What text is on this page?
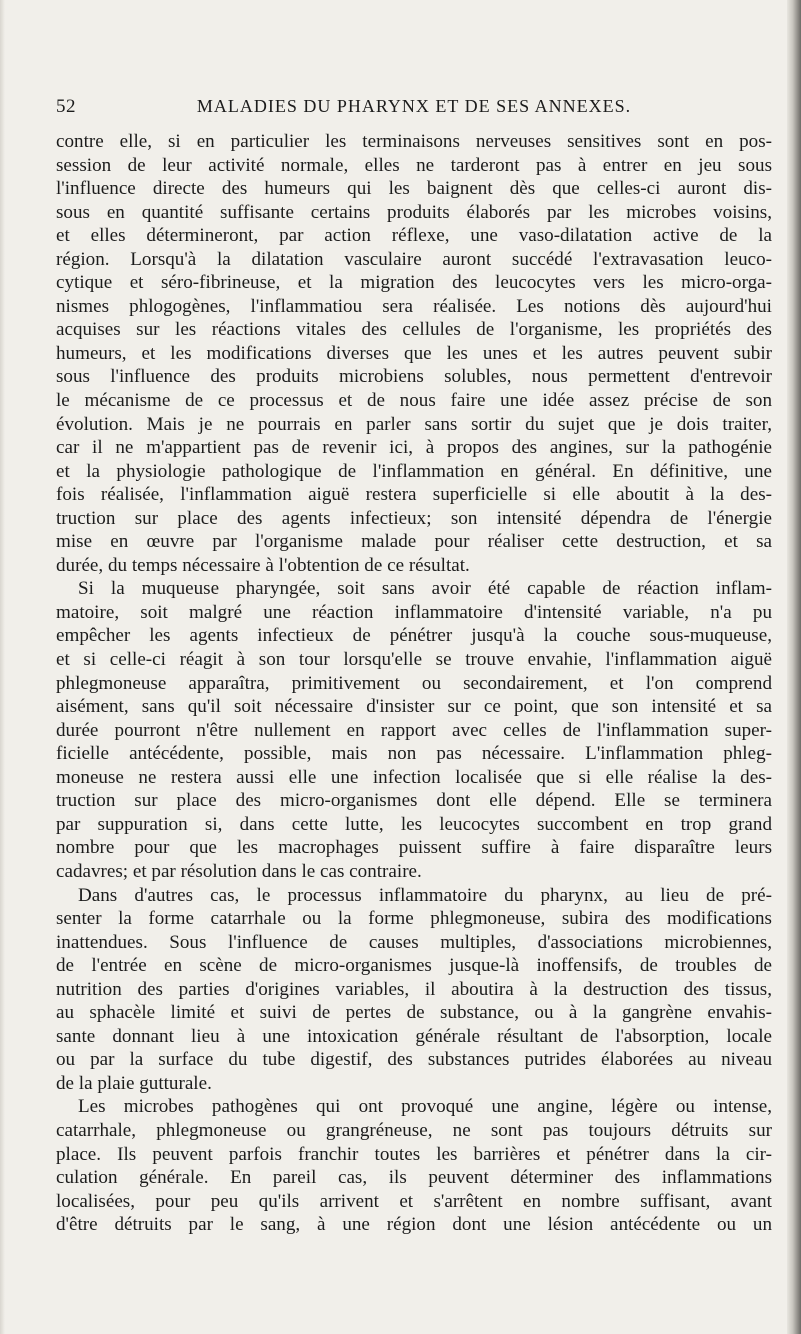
52	MALADIES DU PHARYNX ET DE SES ANNEXES.
contre elle, si en particulier les terminaisons nerveuses sensitives sont en pos-
session de leur activité normale, elles ne tarderont pas à entrer en jeu sous
l'influence directe des humeurs qui les baignent dès que celles-ci auront dis-
sous en quantité suffisante certains produits élaborés par les microbes voisins,
et elles détermineront, par action réflexe, une vaso-dilatation active de la
région. Lorsqu'à la dilatation vasculaire auront succédé l'extravasation leuco-
cytique et séro-fibrineuse, et la migration des leucocytes vers les micro-orga-
nismes phlogogènes, l'inflammatiou sera réalisée. Les notions dès aujourd'hui
acquises sur les réactions vitales des cellules de l'organisme, les propriétés des
humeurs, et les modifications diverses que les unes et les autres peuvent subir
sous l'influence des produits microbiens solubles, nous permettent d'entrevoir
le mécanisme de ce processus et de nous faire une idée assez précise de son
évolution. Mais je ne pourrais en parler sans sortir du sujet que je dois traiter,
car il ne m'appartient pas de revenir ici, à propos des angines, sur la pathogénie
et la physiologie pathologique de l'inflammation en général. En définitive, une
fois réalisée, l'inflammation aiguë restera superficielle si elle aboutit à la des-
truction sur place des agents infectieux; son intensité dépendra de l'énergie
mise en œuvre par l'organisme malade pour réaliser cette destruction, et sa
durée, du temps nécessaire à l'obtention de ce résultat.
Si la muqueuse pharyngée, soit sans avoir été capable de réaction inflam-
matoire, soit malgré une réaction inflammatoire d'intensité variable, n'a pu
empêcher les agents infectieux de pénétrer jusqu'à la couche sous-muqueuse,
et si celle-ci réagit à son tour lorsqu'elle se trouve envahie, l'inflammation aiguë
phlegmoneuse apparaîtra, primitivement ou secondairement, et l'on comprend
aisément, sans qu'il soit nécessaire d'insister sur ce point, que son intensité et sa
durée pourront n'être nullement en rapport avec celles de l'inflammation super-
ficielle antécédente, possible, mais non pas nécessaire. L'inflammation phleg-
moneuse ne restera aussi elle une infection localisée que si elle réalise la des-
truction sur place des micro-organismes dont elle dépend. Elle se terminera
par suppuration si, dans cette lutte, les leucocytes succombent en trop grand
nombre pour que les macrophages puissent suffire à faire disparaître leurs
cadavres; et par résolution dans le cas contraire.
Dans d'autres cas, le processus inflammatoire du pharynx, au lieu de pré-
senter la forme catarrhale ou la forme phlegmoneuse, subira des modifications
inattendues. Sous l'influence de causes multiples, d'associations microbiennes,
de l'entrée en scène de micro-organismes jusque-là inoffensifs, de troubles de
nutrition des parties d'origines variables, il aboutira à la destruction des tissus,
au sphacèle limité et suivi de pertes de substance, ou à la gangrène envahis-
sante donnant lieu à une intoxication générale résultant de l'absorption, locale
ou par la surface du tube digestif, des substances putrides élaborées au niveau
de la plaie gutturale.
Les microbes pathogènes qui ont provoqué une angine, légère ou intense,
catarrhale, phlegmoneuse ou grangréneuse, ne sont pas toujours détruits sur
place. Ils peuvent parfois franchir toutes les barrières et pénétrer dans la cir-
culation générale. En pareil cas, ils peuvent déterminer des inflammations
localisées, pour peu qu'ils arrivent et s'arrêtent en nombre suffisant, avant
d'être détruits par le sang, à une région dont une lésion antécédente ou un
